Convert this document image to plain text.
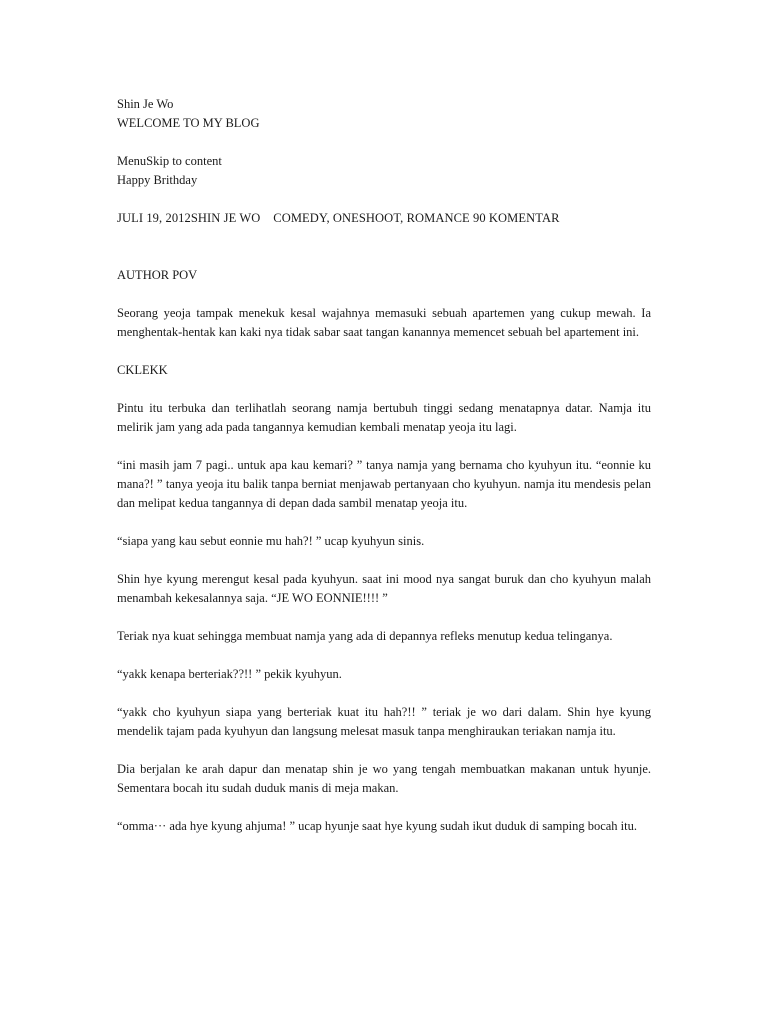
Shin Je Wo
WELCOME TO MY BLOG
MenuSkip to content
Happy Brithday
JULI 19, 2012SHIN JE WO    COMEDY, ONESHOOT, ROMANCE 90 KOMENTAR
AUTHOR POV
Seorang yeoja tampak menekuk kesal wajahnya memasuki sebuah apartemen yang cukup mewah. Ia menghentak-hentak kan kaki nya tidak sabar saat tangan kanannya memencet sebuah bel apartement ini.
CKLEKK
Pintu itu terbuka dan terlihatlah seorang namja bertubuh tinggi sedang menatapnya datar. Namja itu melirik jam yang ada pada tangannya kemudian kembali menatap yeoja itu lagi.
“ini masih jam 7 pagi.. untuk apa kau kemari? ” tanya namja yang bernama cho kyuhyun itu. “eonnie ku mana?! ” tanya yeoja itu balik tanpa berniat menjawab pertanyaan cho kyuhyun. namja itu mendesis pelan dan melipat kedua tangannya di depan dada sambil menatap yeoja itu.
“siapa yang kau sebut eonnie mu hah?! ” ucap kyuhyun sinis.
Shin hye kyung merengut kesal pada kyuhyun. saat ini mood nya sangat buruk dan cho kyuhyun malah menambah kekesalannya saja. “JE WO EONNIE!!!! ”
Teriak nya kuat sehingga membuat namja yang ada di depannya refleks menutup kedua telinganya.
“yakk kenapa berteriak??!! ” pekik kyuhyun.
“yakk cho kyuhyun siapa yang berteriak kuat itu hah?!! ” teriak je wo dari dalam. Shin hye kyung mendelik tajam pada kyuhyun dan langsung melesat masuk tanpa menghiraukan teriakan namja itu.
Dia berjalan ke arah dapur dan menatap shin je wo yang tengah membuatkan makanan untuk hyunje. Sementara bocah itu sudah duduk manis di meja makan.
“omma··· ada hye kyung ahjuma! ” ucap hyunje saat hye kyung sudah ikut duduk di samping bocah itu.
